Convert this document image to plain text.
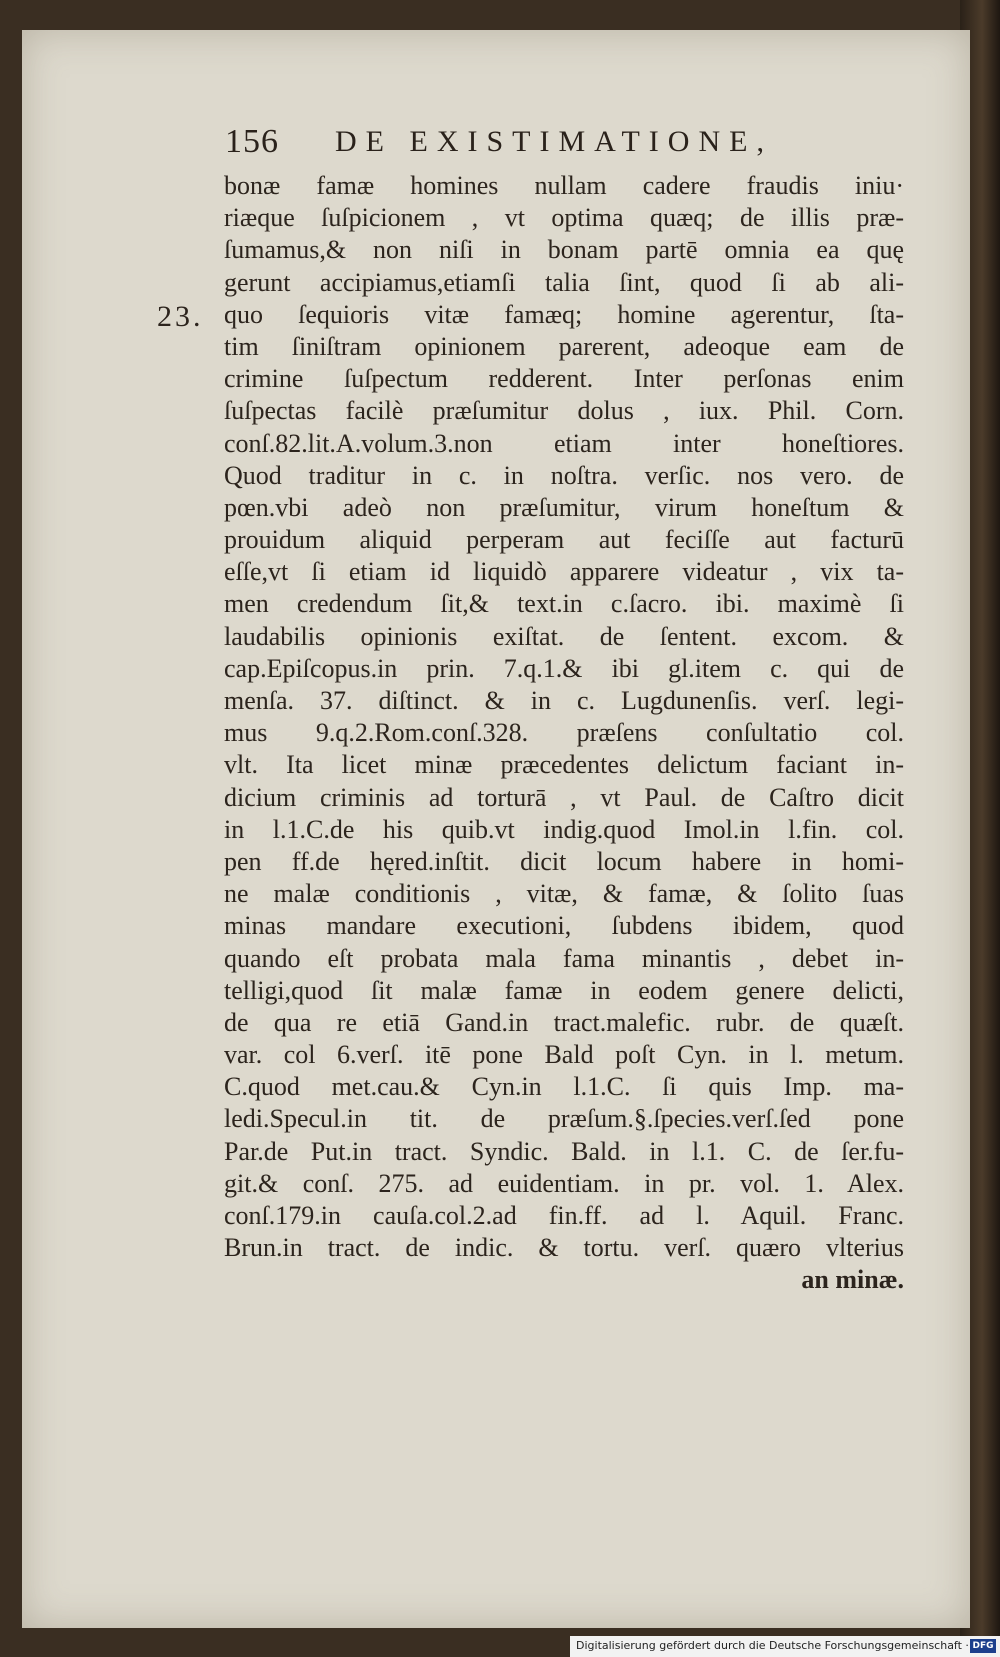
156 DE EXISTIMATIONE,
23.
bonæ famæ homines nullam cadere fraudis iniu·
riæque ſuſpicionem , vt optima quæq; de illis præ-
ſumamus,& non niſi in bonam partē omnia ea quę
gerunt accipiamus,etiamſi talia ſint, quod ſi ab ali-
quo ſequioris vitæ famæq; homine agerentur, ſta-
tim ſiniſtram opinionem parerent, adeoque eam de
crimine ſuſpectum redderent. Inter perſonas enim
ſuſpectas facilè præſumitur dolus , iux. Phil. Corn.
conſ.82.lit.A.volum.3.non etiam inter honeſtiores.
Quod traditur in c. in noſtra. verſic. nos vero. de
pœn.vbi adeò non præſumitur, virum honeſtum &
prouidum aliquid perperam aut feciſſe aut facturū
eſſe,vt ſi etiam id liquidò apparere videatur , vix ta-
men credendum ſit,& text.in c.ſacro. ibi. maximè ſi
laudabilis opinionis exiſtat. de ſentent. excom. &
cap.Epiſcopus.in prin. 7.q.1.& ibi gl.item c. qui de
menſa. 37. diſtinct. & in c. Lugdunenſis. verſ. legi-
mus 9.q.2.Rom.conſ.328. præſens conſultatio col.
vlt. Ita licet minæ præcedentes delictum faciant in-
dicium criminis ad torturā , vt Paul. de Caſtro dicit
in l.1.C.de his quib.vt indig.quod Imol.in l.fin. col.
pen ff.de hęred.inſtit. dicit locum habere in homi-
ne malæ conditionis , vitæ, & famæ, & ſolito ſuas
minas mandare executioni, ſubdens ibidem, quod
quando eſt probata mala fama minantis , debet in-
telligi,quod ſit malæ famæ in eodem genere delicti,
de qua re etiā Gand.in tract.malefic. rubr. de quæſt.
var. col 6.verſ. itē pone Bald poſt Cyn. in l. metum.
C.quod met.cau.& Cyn.in l.1.C. ſi quis Imp. ma-
ledi.Specul.in tit. de præſum.§.ſpecies.verſ.ſed pone
Par.de Put.in tract. Syndic. Bald. in l.1. C. de ſer.fu-
git.& conſ. 275. ad euidentiam. in pr. vol. 1. Alex.
conſ.179.in cauſa.col.2.ad fin.ff. ad l. Aquil. Franc.
Brun.in tract. de indic. & tortu. verſ. quæro vlterius
an minæ.
Digitalisierung gefördert durch die Deutsche Forschungsgemeinschaft · DFG
